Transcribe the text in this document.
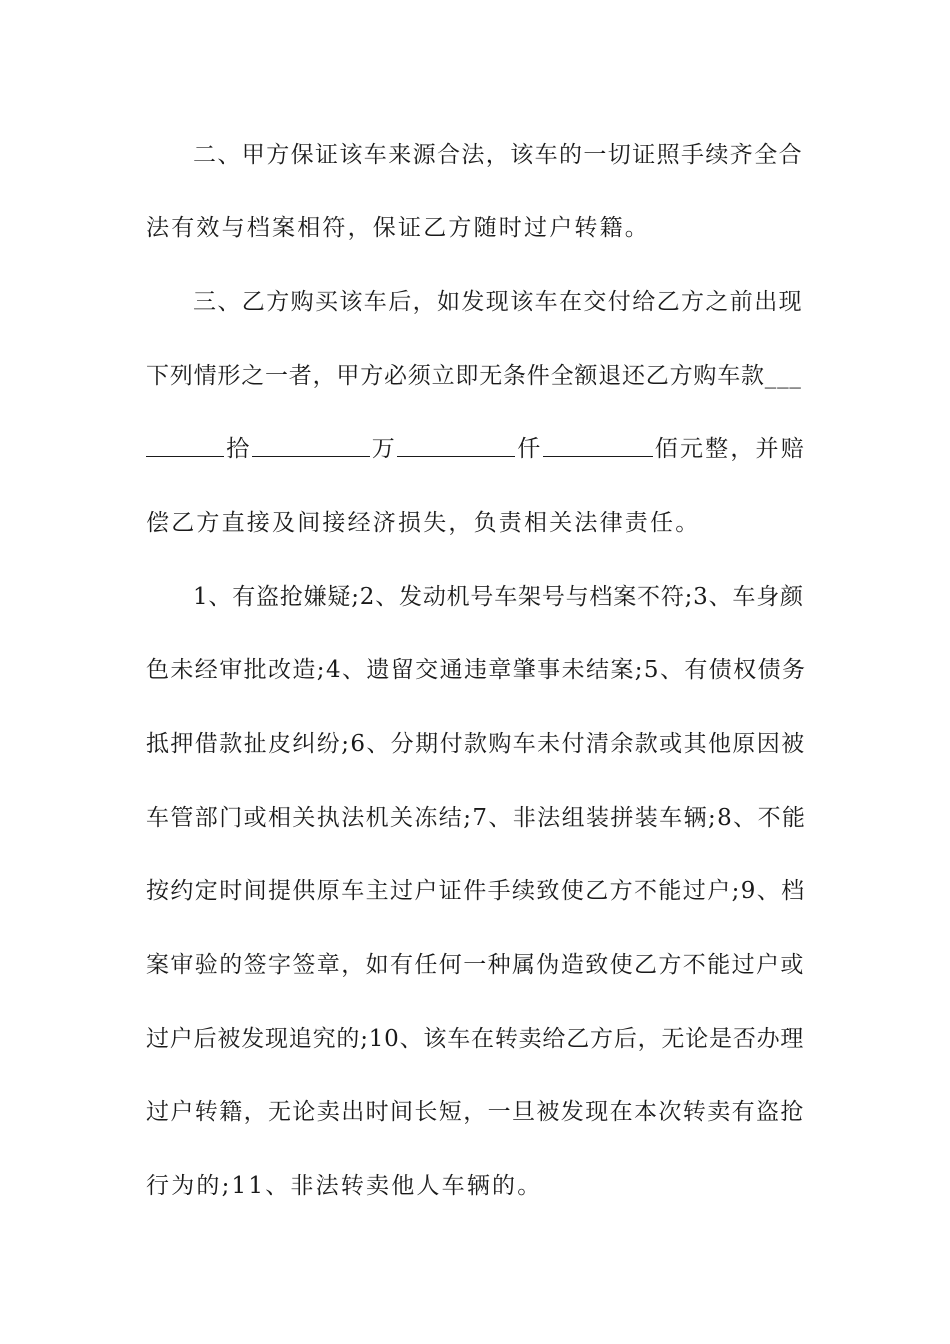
二、甲方保证该车来源合法，该车的一切证照手续齐全合
法有效与档案相符，保证乙方随时过户转籍。
三、乙方购买该车后，如发现该车在交付给乙方之前出现
下列情形之一者，甲方必须立即无条件全额退还乙方购车款___
拾	万	仟	佰元整，并赔
偿乙方直接及间接经济损失，负责相关法律责任。
1、有盗抢嫌疑;2、发动机号车架号与档案不符;3、车身颜
色未经审批改造;4、遗留交通违章肇事未结案;5、有债权债务
抵押借款扯皮纠纷;6、分期付款购车未付清余款或其他原因被
车管部门或相关执法机关冻结;7、非法组装拼装车辆;8、不能
按约定时间提供原车主过户证件手续致使乙方不能过户;9、档
案审验的签字签章，如有任何一种属伪造致使乙方不能过户或
过户后被发现追究的;10、该车在转卖给乙方后，无论是否办理
过户转籍，无论卖出时间长短，一旦被发现在本次转卖有盗抢
行为的;11、非法转卖他人车辆的。
